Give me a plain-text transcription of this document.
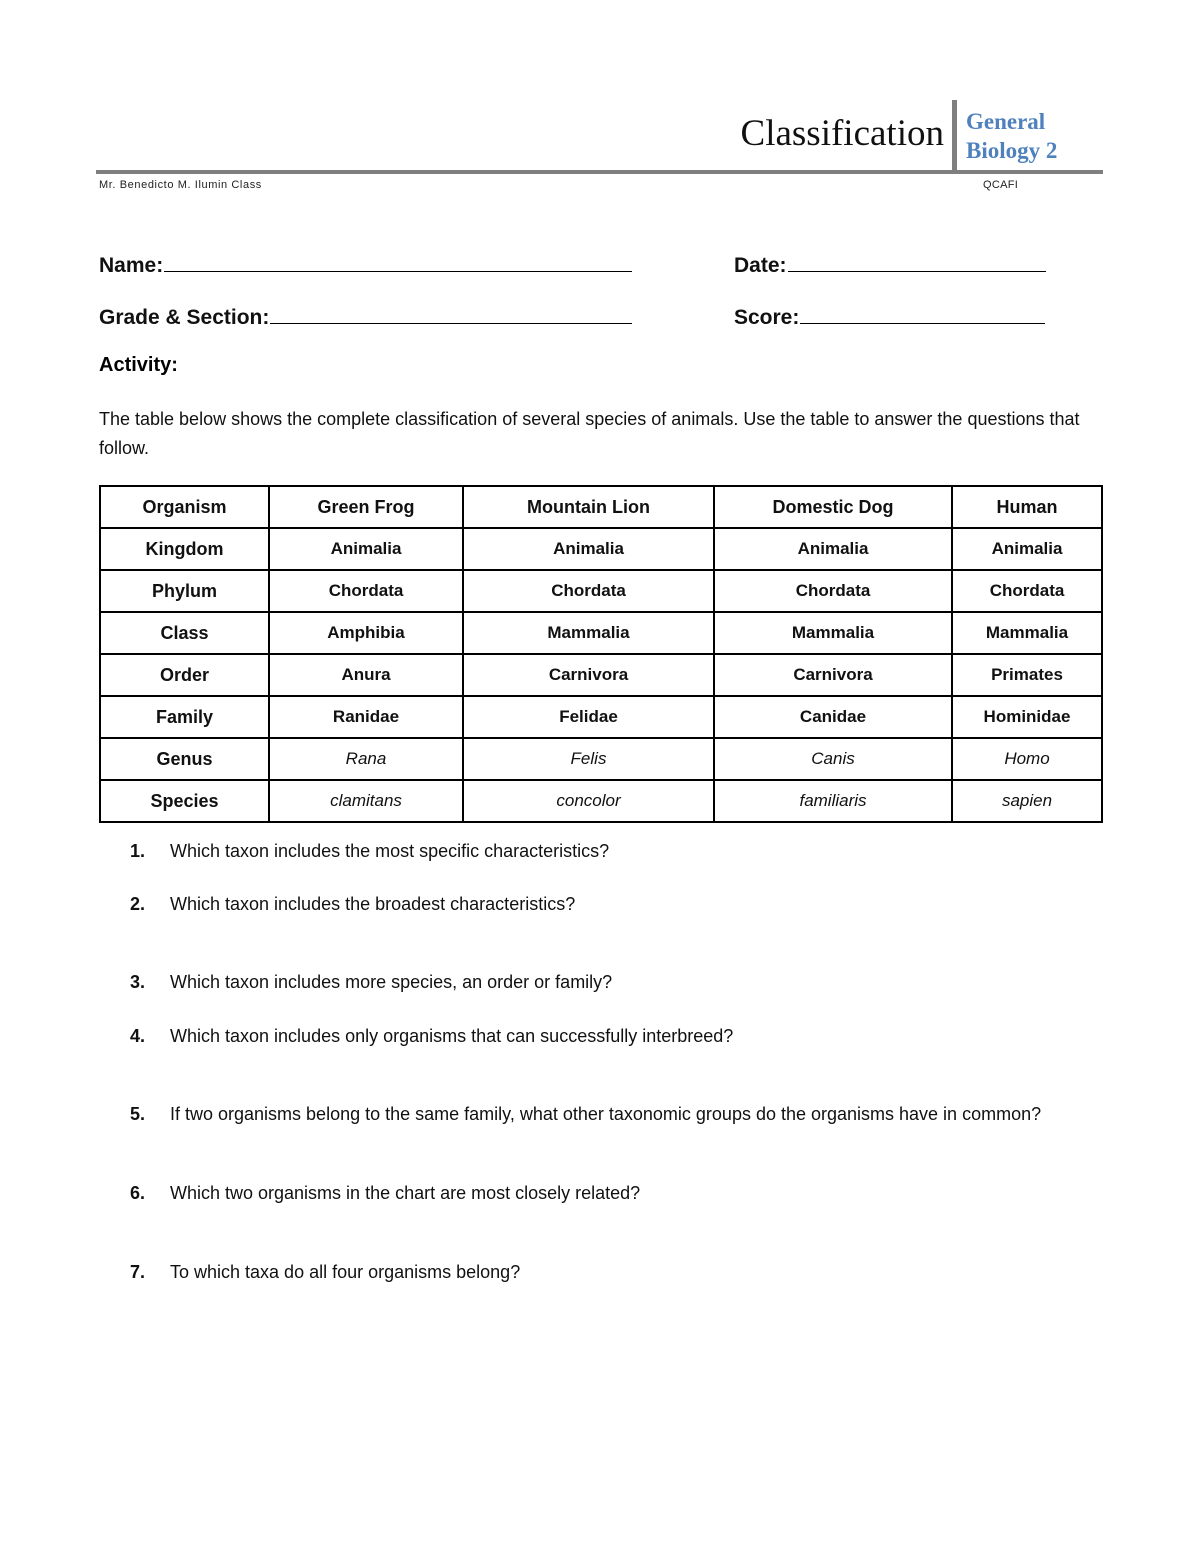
Classification General
Biology 2
Mr. Benedicto M. Ilumin Class	QCAFI
Name:	Date:
Grade & Section:	Score:
Activity:
The table below shows the complete classification of several species of animals. Use the table to answer the questions that follow.
Organism	Green Frog	Mountain Lion	Domestic Dog	Human
Kingdom	Animalia	Animalia	Animalia	Animalia
Phylum	Chordata	Chordata	Chordata	Chordata
Class	Amphibia	Mammalia	Mammalia	Mammalia
Order	Anura	Carnivora	Carnivora	Primates
Family	Ranidae	Felidae	Canidae	Hominidae
Genus	Rana	Felis	Canis	Homo
Species	clamitans	concolor	familiaris	sapien
1.	Which taxon includes the most specific characteristics?
2.	Which taxon includes the broadest characteristics?
3.	Which taxon includes more species, an order or family?
4.	Which taxon includes only organisms that can successfully interbreed?
5.	If two organisms belong to the same family, what other taxonomic groups do the organisms have in common?
6.	Which two organisms in the chart are most closely related?
7.	To which taxa do all four organisms belong?
